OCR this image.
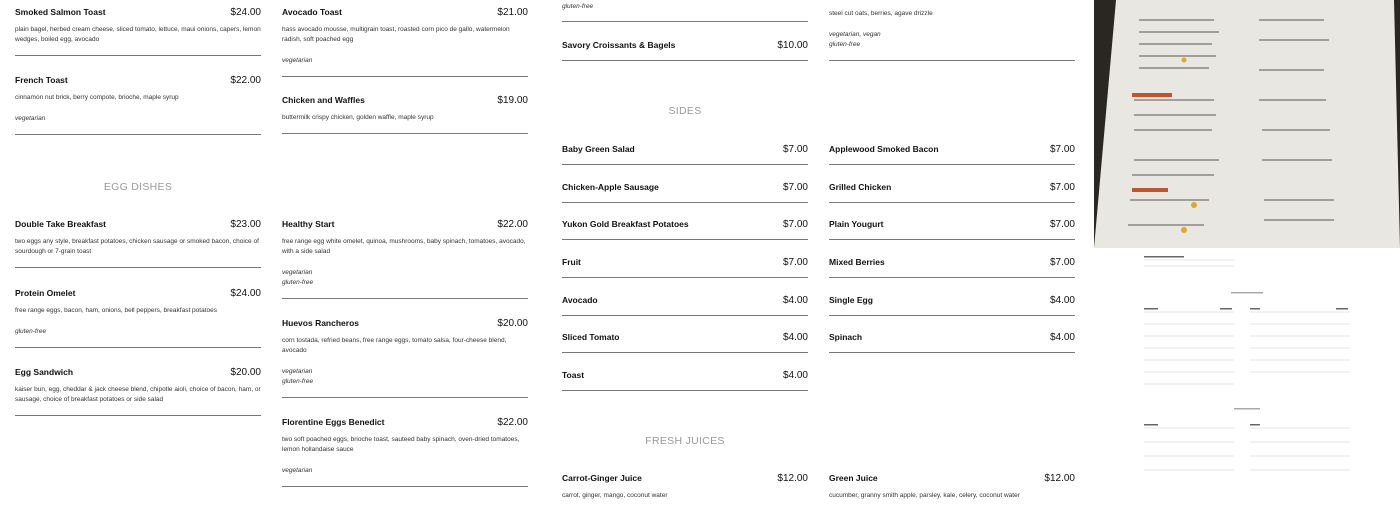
Smoked Salmon Toast	$24.00
plain bagel, herbed cream cheese, sliced tomato, lettuce, maui onions, capers, lemon wedges, boiled egg, avocado
French Toast	$22.00
cinnamon nut brick, berry compote, brioche, maple syrup
vegetarian
EGG DISHES
Double Take Breakfast	$23.00
two eggs any style, breakfast potatoes, chicken sausage or smoked bacon, choice of sourdough or 7-grain toast
Protein Omelet	$24.00
free range eggs, bacon, ham, onions, bell peppers, breakfast potatoes
gluten-free
Egg Sandwich	$20.00
kaiser bun, egg, cheddar & jack cheese blend, chipotle aioli, choice of bacon, ham, or sausage, choice of breakfast potatoes or side salad
Avocado Toast	$21.00
hass avocado mousse, multigrain toast, roasted corn pico de gallo, watermelon radish, soft poached egg
vegetarian
Chicken and Waffles	$19.00
buttermilk crispy chicken, golden waffle, maple syrup
Healthy Start	$22.00
free range egg white omelet, quinoa, mushrooms, baby spinach, tomatoes, avocado, with a side salad
vegetarian
gluten-free
Huevos Rancheros	$20.00
corn tostada, refried beans, free range eggs, tomato salsa, four-cheese blend, avocado
vegetarian
gluten-free
Florentine Eggs Benedict	$22.00
two soft poached eggs, brioche toast, sauteed baby spinach, oven-dried tomatoes, lemon hollandaise sauce
vegetarian
gluten-free
Savory Croissants & Bagels	$10.00
SIDES
Baby Green Salad	$7.00
Chicken-Apple Sausage	$7.00
Yukon Gold Breakfast Potatoes	$7.00
Fruit	$7.00
Avocado	$4.00
Sliced Tomato	$4.00
Toast	$4.00
FRESH JUICES
Carrot-Ginger Juice	$12.00
carrot, ginger, mango, coconut water
steel cut oats, berries, agave drizzle
vegetarian, vegan
gluten-free
Applewood Smoked Bacon	$7.00
Grilled Chicken	$7.00
Plain Yougurt	$7.00
Mixed Berries	$7.00
Single Egg	$4.00
Spinach	$4.00
Green Juice	$12.00
cucumber, granny smith apple, parsley, kale, celery, coconut water
